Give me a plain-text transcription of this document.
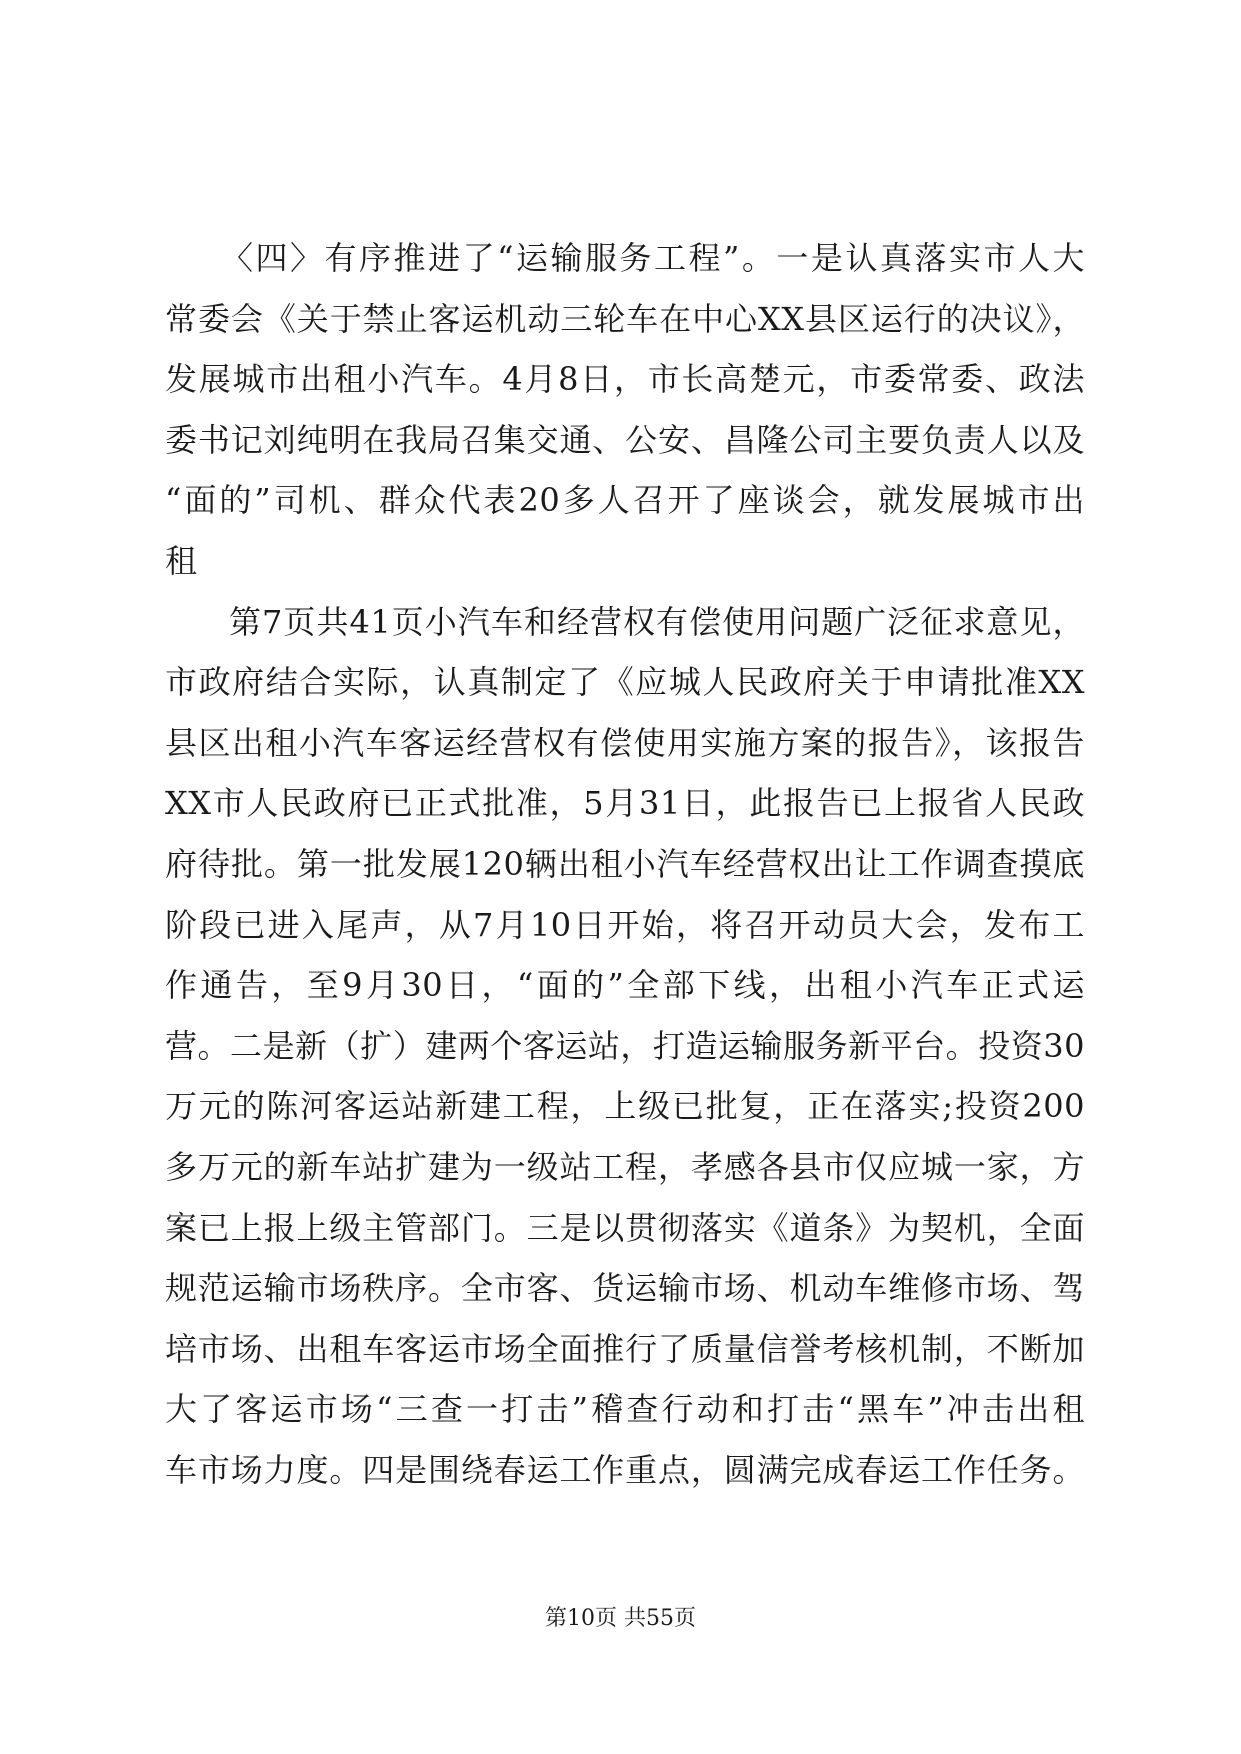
〈四〉有序推进了“运输服务工程”。一是认真落实市人大
常委会《关于禁止客运机动三轮车在中心XX县区运行的决议》，
发展城市出租小汽车。4月8日，市长高楚元，市委常委、政法
委书记刘纯明在我局召集交通、公安、昌隆公司主要负责人以及
“面的”司机、群众代表20多人召开了座谈会，就发展城市出
租
第7页共41页小汽车和经营权有偿使用问题广泛征求意见，
市政府结合实际，认真制定了《应城人民政府关于申请批准XX
县区出租小汽车客运经营权有偿使用实施方案的报告》，该报告
XX市人民政府已正式批准，5月31日，此报告已上报省人民政
府待批。第一批发展120辆出租小汽车经营权出让工作调查摸底
阶段已进入尾声，从7月10日开始，将召开动员大会，发布工
作通告，至9月30日，“面的”全部下线，出租小汽车正式运
营。二是新（扩）建两个客运站，打造运输服务新平台。投资30
万元的陈河客运站新建工程，上级已批复，正在落实;投资200
多万元的新车站扩建为一级站工程，孝感各县市仅应城一家，方
案已上报上级主管部门。三是以贯彻落实《道条》为契机，全面
规范运输市场秩序。全市客、货运输市场、机动车维修市场、驾
培市场、出租车客运市场全面推行了质量信誉考核机制，不断加
大了客运市场“三查一打击”稽查行动和打击“黑车”冲击出租
车市场力度。四是围绕春运工作重点，圆满完成春运工作任务。
第10页 共55页
